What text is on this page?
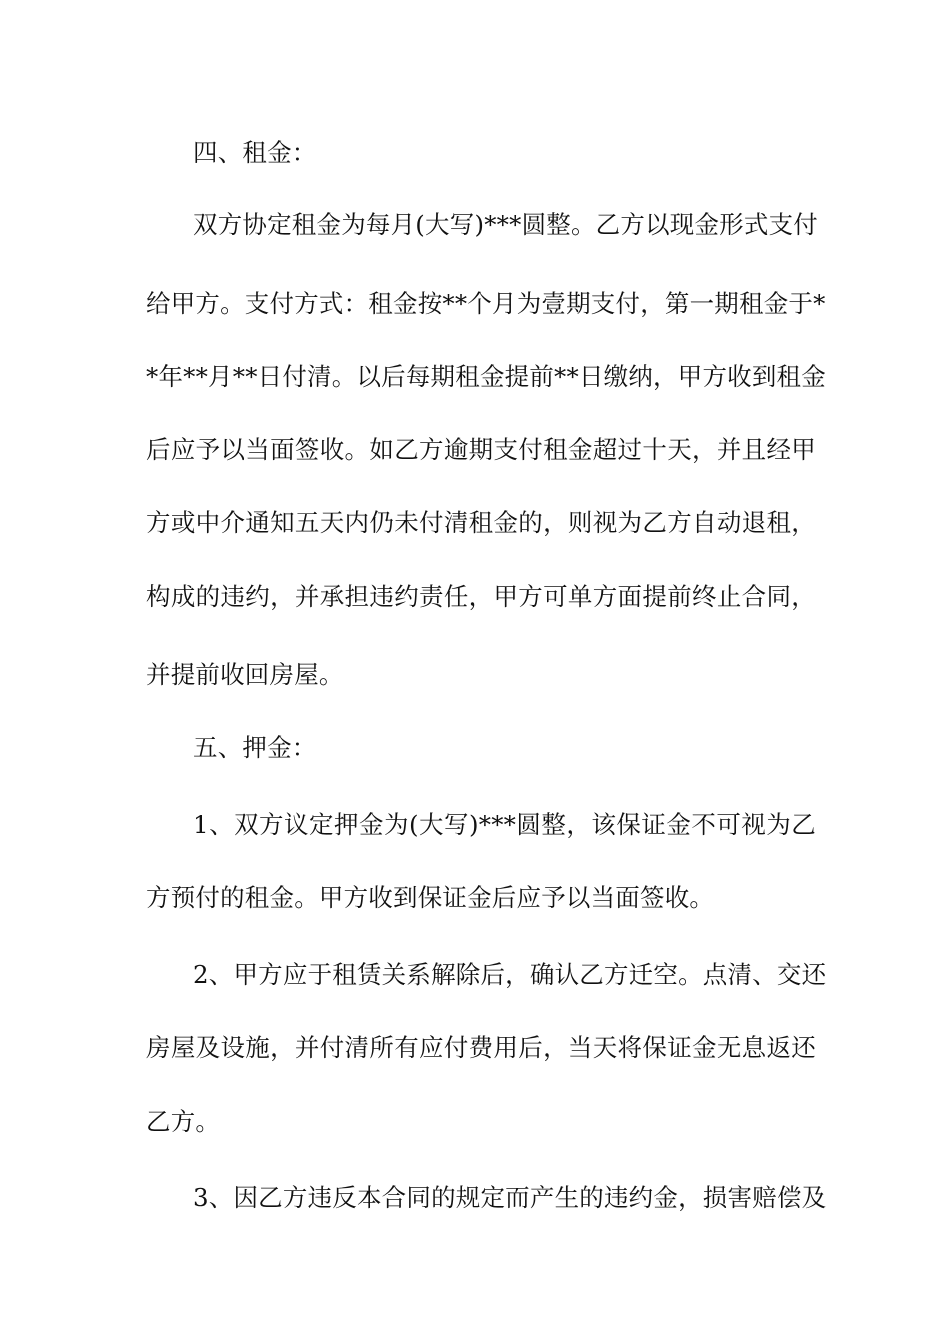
四、租金：
双方协定租金为每月(大写)***圆整。乙方以现金形式支付
给甲方。支付方式：租金按**个月为壹期支付，第一期租金于*
*年**月**日付清。以后每期租金提前**日缴纳，甲方收到租金
后应予以当面签收。如乙方逾期支付租金超过十天，并且经甲
方或中介通知五天内仍未付清租金的，则视为乙方自动退租，
构成的违约，并承担违约责任，甲方可单方面提前终止合同，
并提前收回房屋。
五、押金：
1、双方议定押金为(大写)***圆整，该保证金不可视为乙
方预付的租金。甲方收到保证金后应予以当面签收。
2、甲方应于租赁关系解除后，确认乙方迁空。点清、交还
房屋及设施，并付清所有应付费用后，当天将保证金无息返还
乙方。
3、因乙方违反本合同的规定而产生的违约金，损害赔偿及
